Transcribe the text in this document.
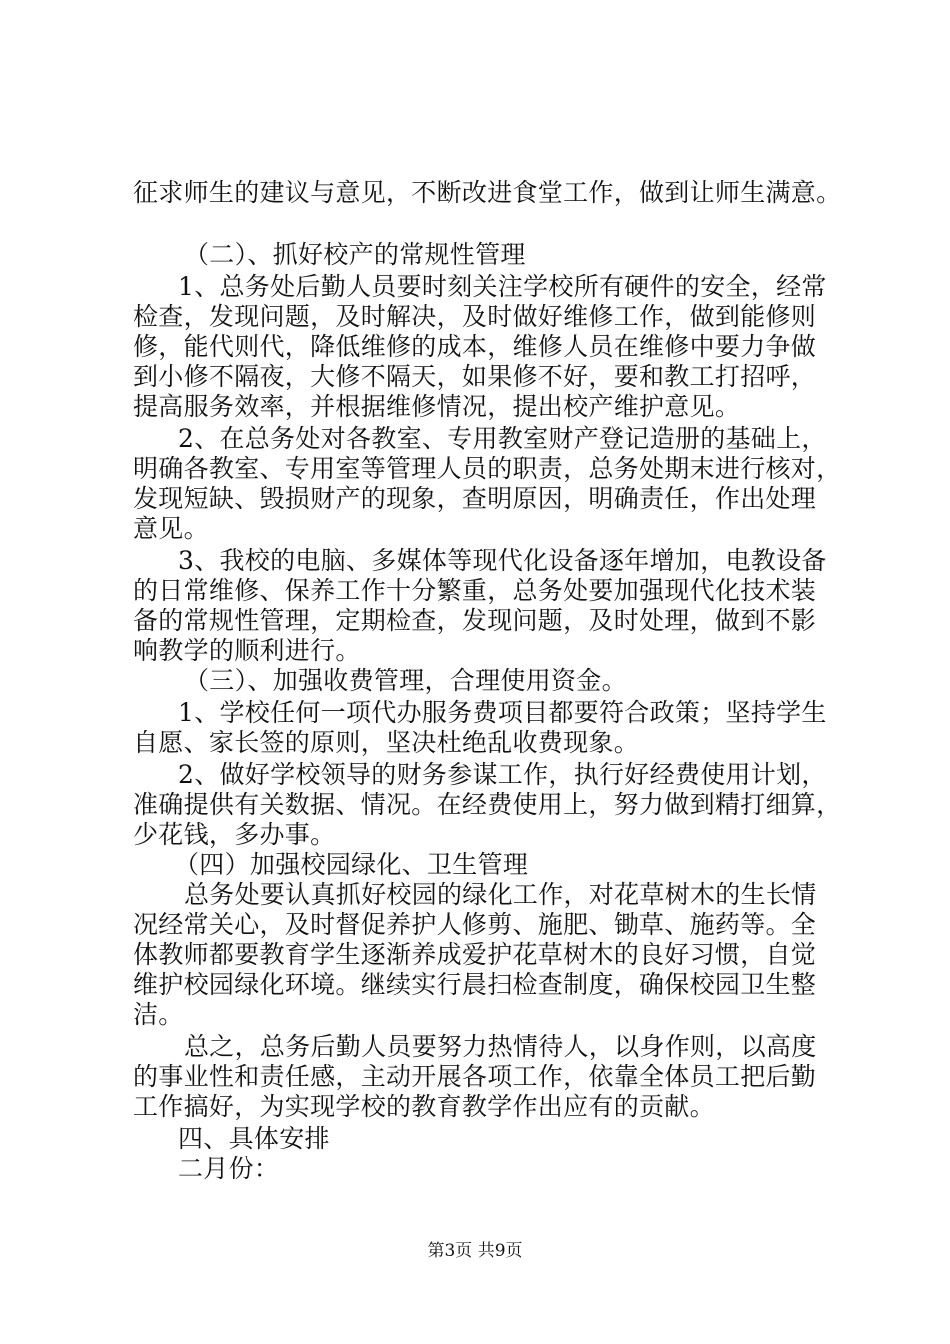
征求师生的建议与意见，不断改进食堂工作，做到让师生满意。
（二）、抓好校产的常规性管理
1、总务处后勤人员要时刻关注学校所有硬件的安全，经常
检查，发现问题，及时解决，及时做好维修工作，做到能修则
修，能代则代，降低维修的成本，维修人员在维修中要力争做
到小修不隔夜，大修不隔天，如果修不好，要和教工打招呼，
提高服务效率，并根据维修情况，提出校产维护意见。
2、在总务处对各教室、专用教室财产登记造册的基础上，
明确各教室、专用室等管理人员的职责，总务处期末进行核对，
发现短缺、毁损财产的现象，查明原因，明确责任，作出处理
意见。
3、我校的电脑、多媒体等现代化设备逐年增加，电教设备
的日常维修、保养工作十分繁重，总务处要加强现代化技术装
备的常规性管理，定期检查，发现问题，及时处理，做到不影
响教学的顺利进行。
（三）、加强收费管理，合理使用资金。
1、学校任何一项代办服务费项目都要符合政策；坚持学生
自愿、家长签的原则，坚决杜绝乱收费现象。
2、做好学校领导的财务参谋工作，执行好经费使用计划，
准确提供有关数据、情况。在经费使用上，努力做到精打细算，
少花钱，多办事。
（四）加强校园绿化、卫生管理
总务处要认真抓好校园的绿化工作，对花草树木的生长情
况经常关心，及时督促养护人修剪、施肥、锄草、施药等。全
体教师都要教育学生逐渐养成爱护花草树木的良好习惯，自觉
维护校园绿化环境。继续实行晨扫检查制度，确保校园卫生整
洁。
总之，总务后勤人员要努力热情待人，以身作则，以高度
的事业性和责任感，主动开展各项工作，依靠全体员工把后勤
工作搞好，为实现学校的教育教学作出应有的贡献。
四、具体安排
二月份：
第3页 共9页
